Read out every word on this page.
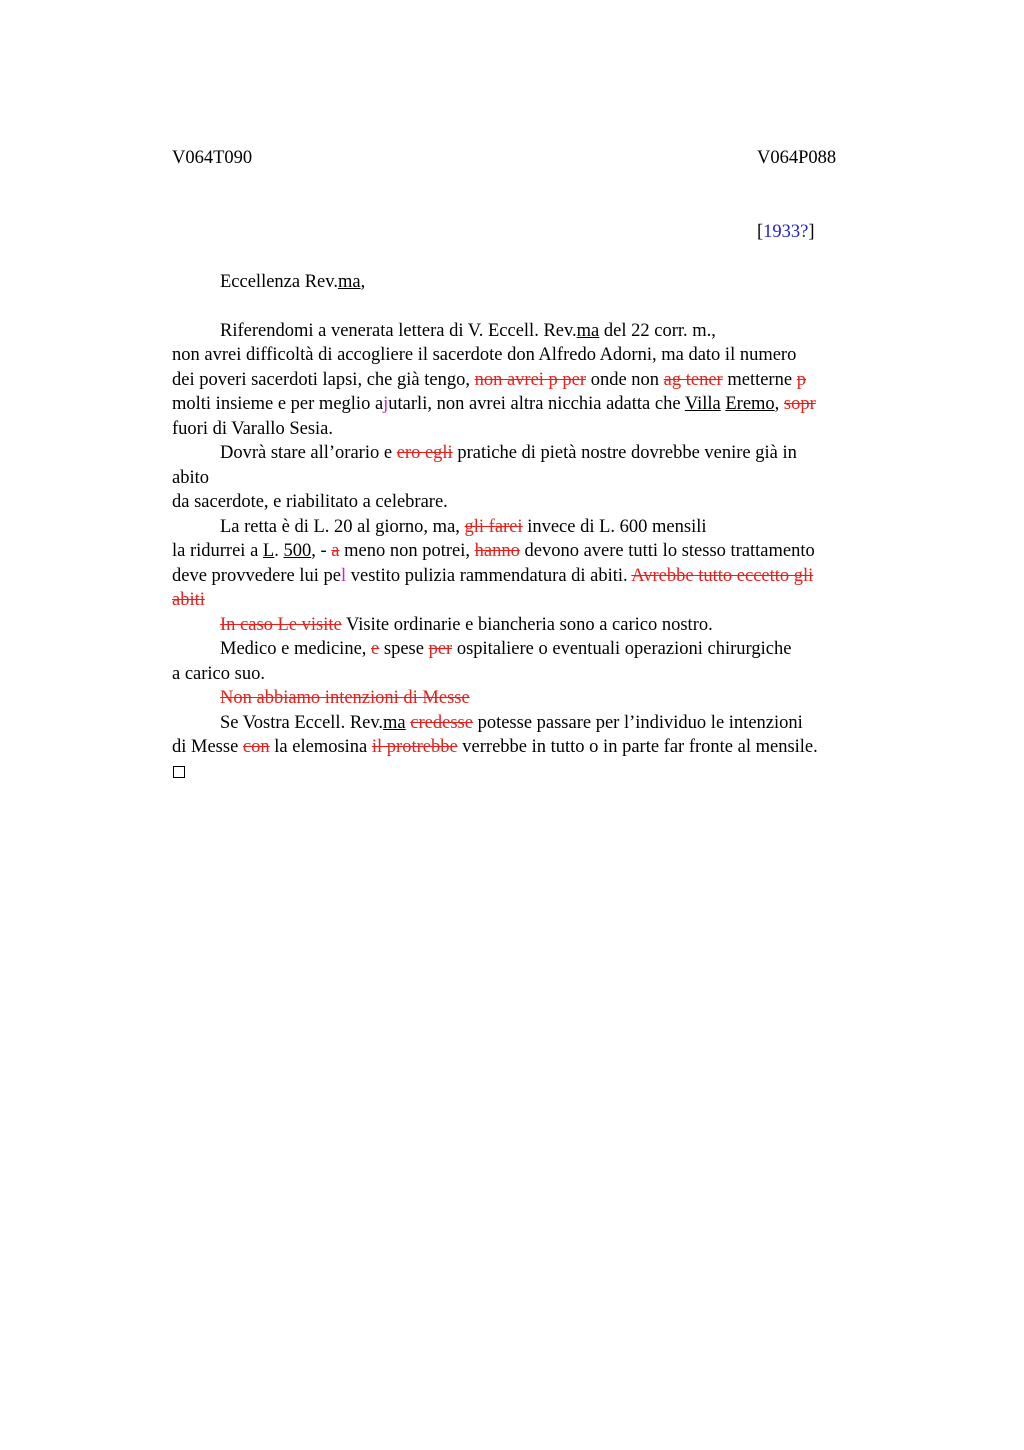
V064T090	V064P088
[1933?]
Eccellenza Rev.ma,
Riferendomi a venerata lettera di V. Eccell. Rev.ma del 22 corr. m.,
non avrei difficoltà di accogliere il sacerdote don Alfredo Adorni, ma dato il numero
dei poveri sacerdoti lapsi, che già tengo, non avrei p per onde non ag tener metterne p
molti insieme e per meglio ajutarli, non avrei altra nicchia adatta che Villa Eremo, sopr
fuori di Varallo Sesia.
Dovrà stare all’orario e ero egli pratiche di pietà nostre dovrebbe venire già in
abito
da sacerdote, e riabilitato a celebrare.
La retta è di L. 20 al giorno, ma, gli farei invece di L. 600 mensili
la ridurrei a L. 500, - a meno non potrei, hanno devono avere tutti lo stesso trattamento
deve provvedere lui pel vestito pulizia rammendatura di abiti. Avrebbe tutto eccetto gli
abiti
In caso Le visite Visite ordinarie e biancheria sono a carico nostro.
Medico e medicine, e spese per ospitaliere o eventuali operazioni chirurgiche
a carico suo.
Non abbiamo intenzioni di Messe
Se Vostra Eccell. Rev.ma credesse potesse passare per l’individuo le intenzioni
di Messe con la elemosina il protrebbe verrebbe in tutto o in parte far fronte al mensile.
